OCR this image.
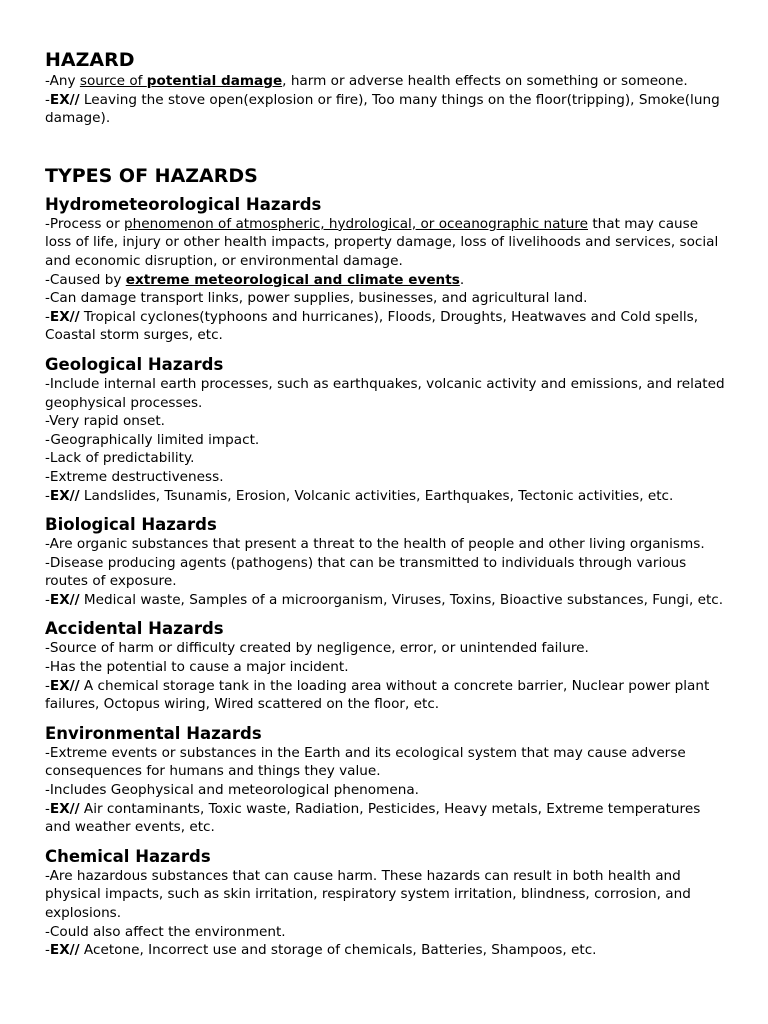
HAZARD

-Any source of potential damage, harm or adverse health effects on something or someone.

-EX// Leaving the stove open(explosion or fire), Too many things on the floor(tripping), Smoke(lung damage).

TYPES OF HAZARDS
Hydrometeorological Hazards

-Process or phenomenon of atmospheric, hydrological, or oceanographic nature that may cause loss of life, injury or other health impacts, property damage, loss of livelihoods and services, social and economic disruption, or environmental damage.

-Caused by extreme meteorological and climate events.

-Can damage transport links, power supplies, businesses, and agricultural land.

-EX// Tropical cyclones(typhoons and hurricanes), Floods, Droughts, Heatwaves and Cold spells, Coastal storm surges, etc.

Geological Hazards

-Include internal earth processes, such as earthquakes, volcanic activity and emissions, and related geophysical processes.

-Very rapid onset.

-Geographically limited impact.

-Lack of predictability.

-Extreme destructiveness.

-EX// Landslides, Tsunamis, Erosion, Volcanic activities, Earthquakes, Tectonic activities, etc.

Biological Hazards

-Are organic substances that present a threat to the health of people and other living organisms.

-Disease producing agents (pathogens) that can be transmitted to individuals through various routes of exposure.

-EX// Medical waste, Samples of a microorganism, Viruses, Toxins, Bioactive substances, Fungi, etc.

Accidental Hazards

-Source of harm or difficulty created by negligence, error, or unintended failure.

-Has the potential to cause a major incident.

-EX// A chemical storage tank in the loading area without a concrete barrier, Nuclear power plant failures, Octopus wiring, Wired scattered on the floor, etc.

Environmental Hazards

-Extreme events or substances in the Earth and its ecological system that may cause adverse consequences for humans and things they value.

-Includes Geophysical and meteorological phenomena.

-EX// Air contaminants, Toxic waste, Radiation, Pesticides, Heavy metals, Extreme temperatures and weather events, etc.

Chemical Hazards

-Are hazardous substances that can cause harm. These hazards can result in both health and physical impacts, such as skin irritation, respiratory system irritation, blindness, corrosion, and explosions.

-Could also affect the environment.

-EX// Acetone, Incorrect use and storage of chemicals, Batteries, Shampoos, etc.
